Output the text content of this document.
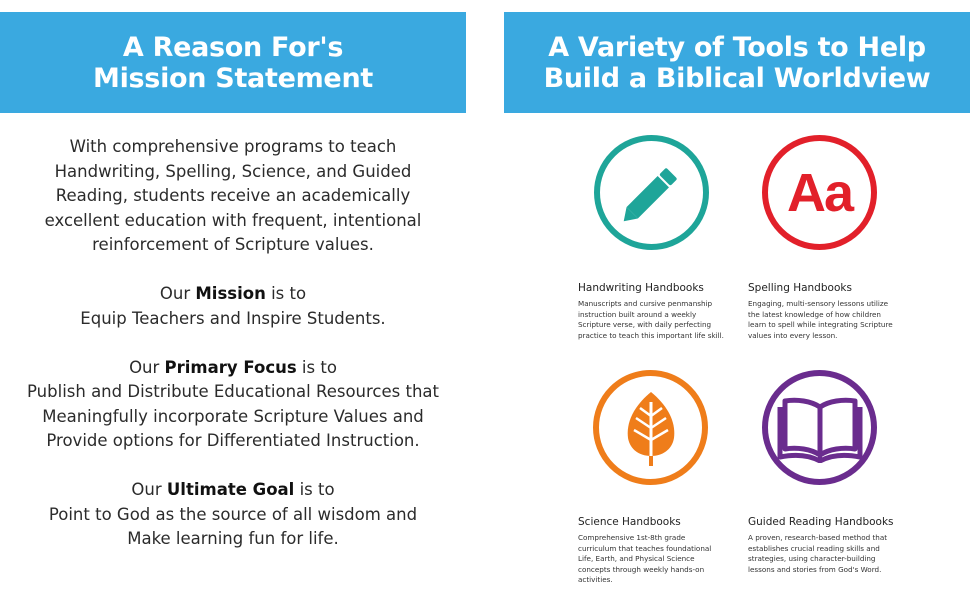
A Reason For's
Mission Statement
A Variety of Tools to Help
Build a Biblical Worldview

With comprehensive programs to teach

Handwriting, Spelling, Science, and Guided

Reading, students receive an academically

excellent education with frequent, intentional

reinforcement of Scripture values.

Our Mission is to

Equip Teachers and Inspire Students.

Our Primary Focus is to

Publish and Distribute Educational Resources that

Meaningfully incorporate Scripture Values and

Provide options for Differentiated Instruction.

Our Ultimate Goal is to

Point to God as the source of all wisdom and

Make learning fun for life.

Handwriting Handbooks
Manuscripts and cursive penmanship
instruction built around a weekly
Scripture verse, with daily perfecting
practice to teach this important life skill.
Aa
Spelling Handbooks
Engaging, multi-sensory lessons utilize
the latest knowledge of how children
learn to spell while integrating Scripture
values into every lesson.
Science Handbooks
Comprehensive 1st-8th grade
curriculum that teaches foundational
Life, Earth, and Physical Science
concepts through weekly hands-on
activities.
Guided Reading Handbooks
A proven, research-based method that
establishes crucial reading skills and
strategies, using character-building
lessons and stories from God's Word.
